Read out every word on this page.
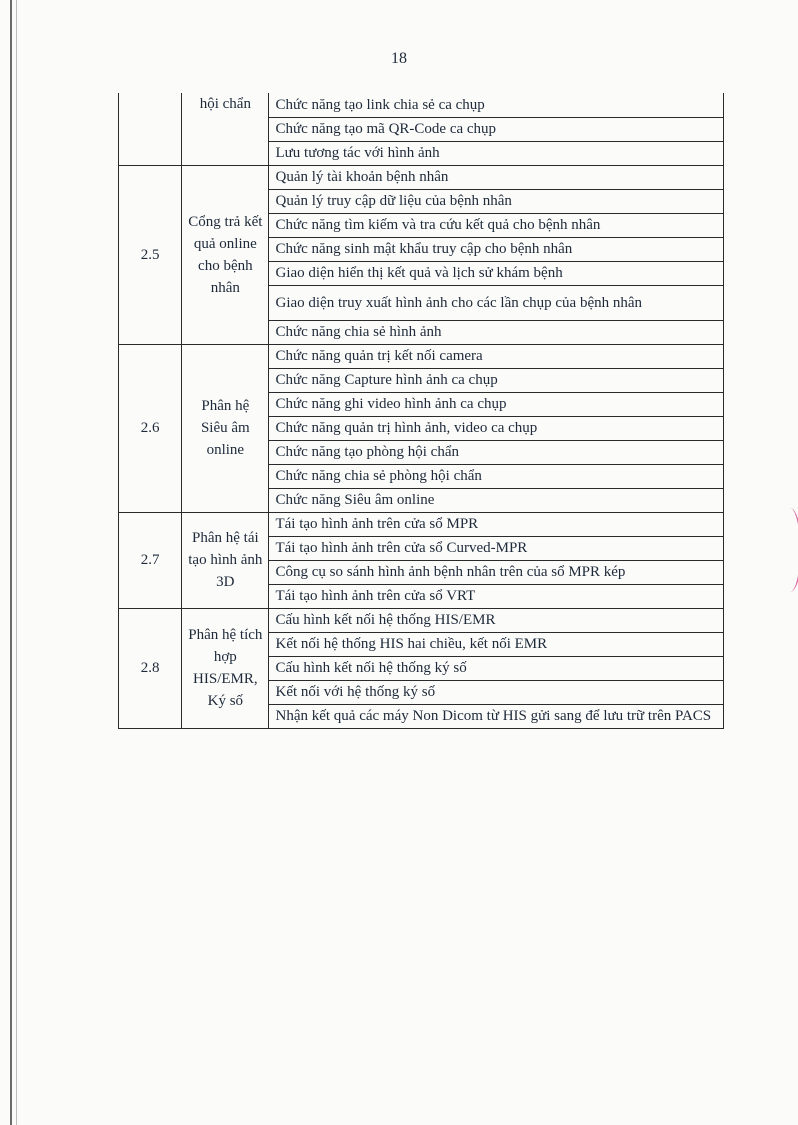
18
	hội chẩn	Chức năng tạo link chia sẻ ca chụp
		Chức năng tạo mã QR-Code ca chụp
		Lưu tương tác với hình ảnh
2.5	Cổng trả kết quả online cho bệnh nhân	Quản lý tài khoản bệnh nhân
		Quản lý truy cập dữ liệu của bệnh nhân
		Chức năng tìm kiếm và tra cứu kết quả cho bệnh nhân
		Chức năng sinh mật khẩu truy cập cho bệnh nhân
		Giao diện hiển thị kết quả và lịch sử khám bệnh
		Giao diện truy xuất hình ảnh cho các lần chụp của bệnh nhân
		Chức năng chia sẻ hình ảnh
2.6	Phân hệ Siêu âm online	Chức năng quản trị kết nối camera
		Chức năng Capture hình ảnh ca chụp
		Chức năng ghi video hình ảnh ca chụp
		Chức năng quản trị hình ảnh, video ca chụp
		Chức năng tạo phòng hội chẩn
		Chức năng chia sẻ phòng hội chẩn
		Chức năng Siêu âm online
2.7	Phân hệ tái tạo hình ảnh 3D	Tái tạo hình ảnh trên cửa sổ MPR
		Tái tạo hình ảnh trên cửa sổ Curved-MPR
		Công cụ so sánh hình ảnh bệnh nhân trên của sổ MPR kép
		Tái tạo hình ảnh trên cửa sổ VRT
2.8	Phân hệ tích hợp HIS/EMR, Ký số	Cấu hình kết nối hệ thống HIS/EMR
		Kết nối hệ thống HIS hai chiều, kết nối EMR
		Cấu hình kết nối hệ thống ký số
		Kết nối với hệ thống ký số
		Nhận kết quả các máy Non Dicom từ HIS gửi sang để lưu trữ trên PACS
